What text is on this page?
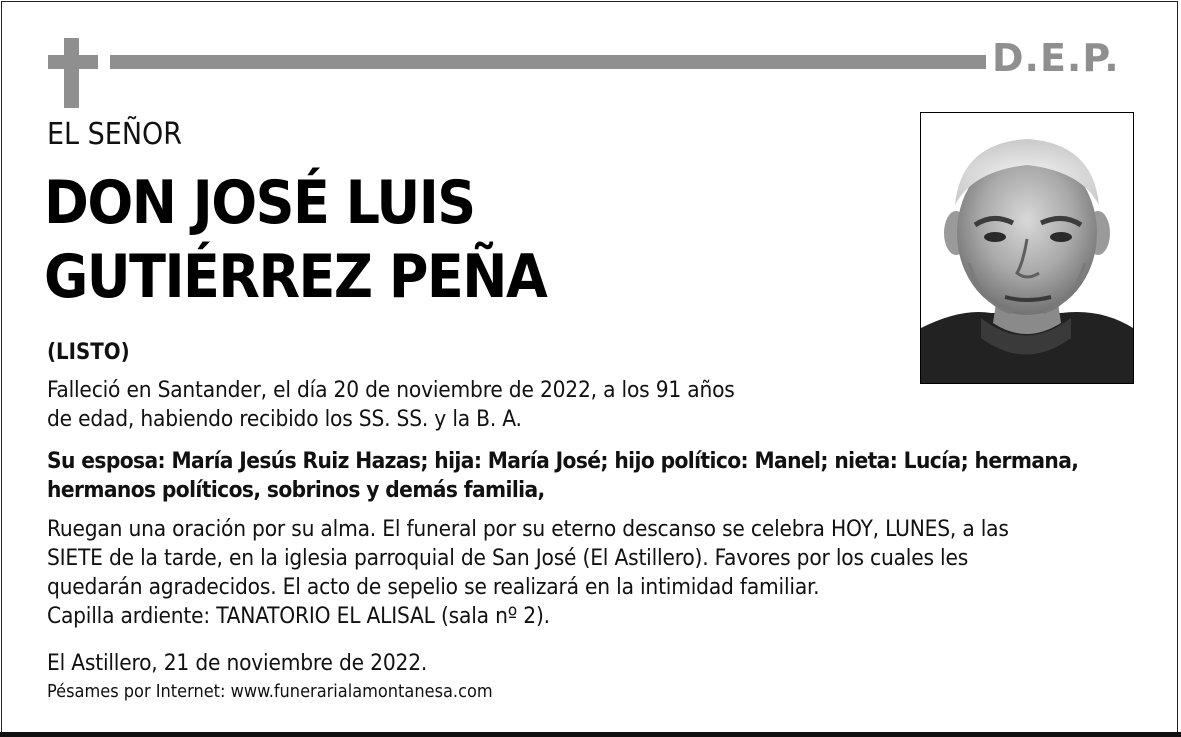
D.E.P.
EL SEÑOR
DON JOSÉ LUIS
GUTIÉRREZ PEÑA
(LISTO)
Falleció en Santander, el día 20 de noviembre de 2022, a los 91 años
de edad, habiendo recibido los SS. SS. y la B. A.
Su esposa: María Jesús Ruiz Hazas; hija: María José; hijo político: Manel; nieta: Lucía; hermana,
hermanos políticos, sobrinos y demás familia,
Ruegan una oración por su alma. El funeral por su eterno descanso se celebra HOY, LUNES, a las
SIETE de la tarde, en la iglesia parroquial de San José (El Astillero). Favores por los cuales les
quedarán agradecidos. El acto de sepelio se realizará en la intimidad familiar.
Capilla ardiente: TANATORIO EL ALISAL (sala nº 2).
El Astillero, 21 de noviembre de 2022.
Pésames por Internet: www.funerarialamontanesa.com
